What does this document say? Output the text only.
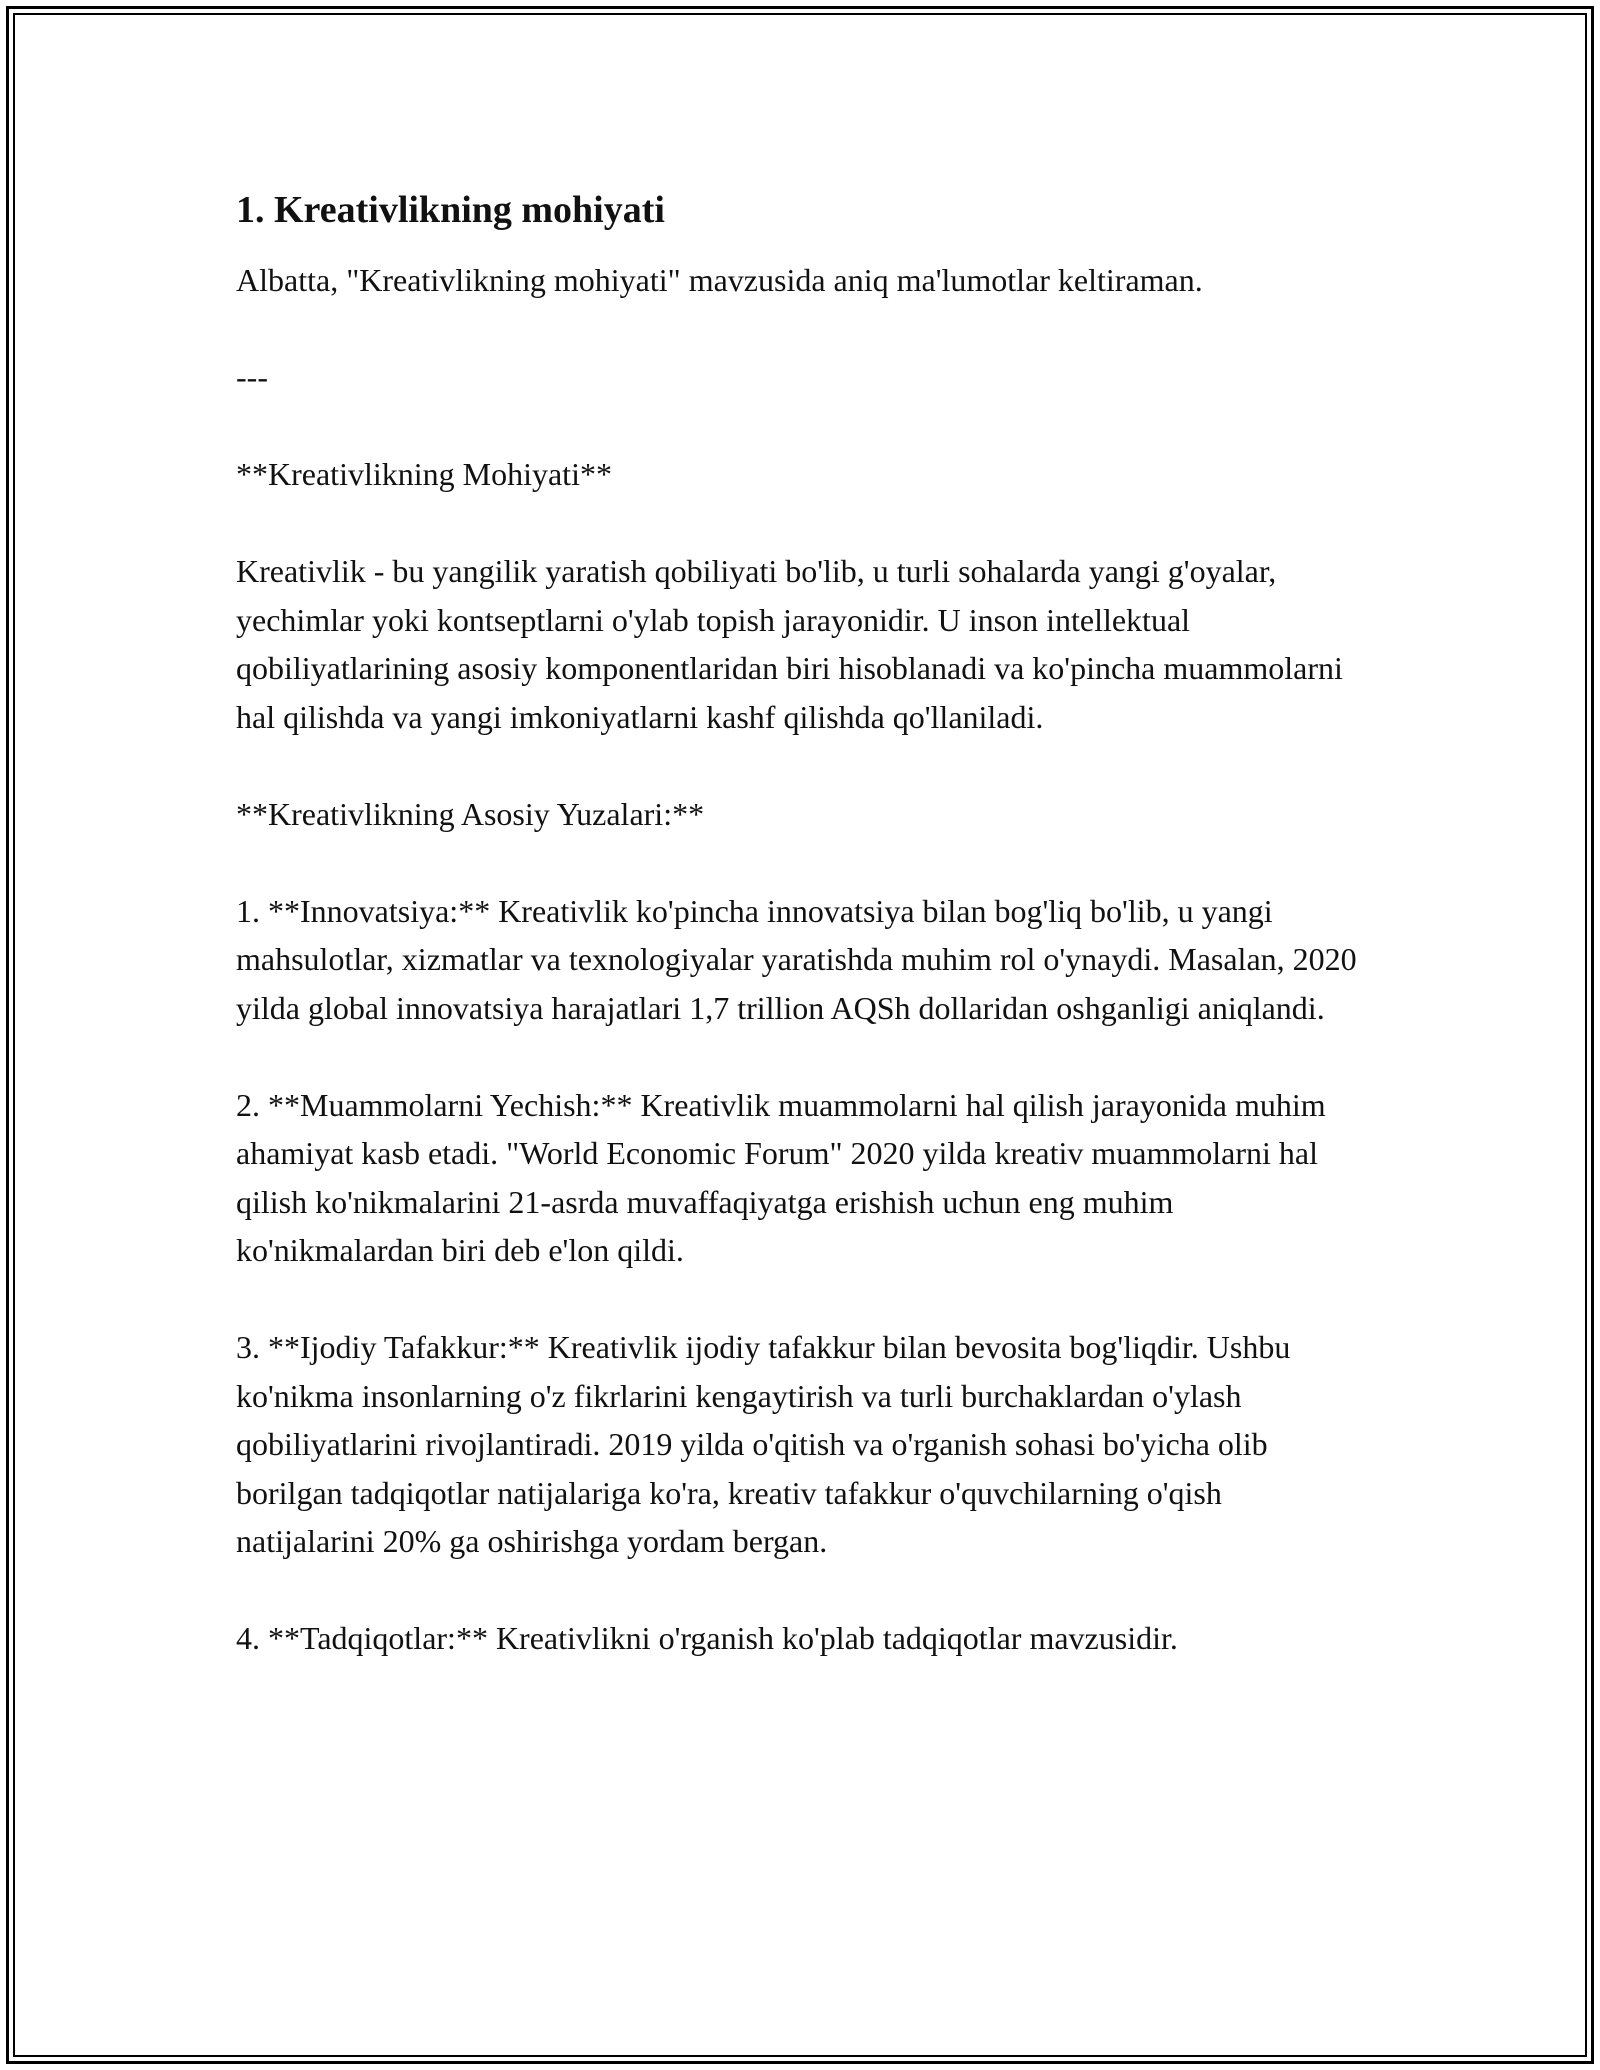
1. Kreativlikning mohiyati

Albatta, "Kreativlikning mohiyati" mavzusida aniq ma'lumotlar keltiraman.

---

**Kreativlikning Mohiyati**

Kreativlik - bu yangilik yaratish qobiliyati bo'lib, u turli sohalarda yangi g'oyalar, yechimlar yoki kontseptlarni o'ylab topish jarayonidir. U inson intellektual qobiliyatlarining asosiy komponentlaridan biri hisoblanadi va ko'pincha muammolarni hal qilishda va yangi imkoniyatlarni kashf qilishda qo'llaniladi.

**Kreativlikning Asosiy Yuzalari:**

1. **Innovatsiya:** Kreativlik ko'pincha innovatsiya bilan bog'liq bo'lib, u yangi mahsulotlar, xizmatlar va texnologiyalar yaratishda muhim rol o'ynaydi. Masalan, 2020 yilda global innovatsiya harajatlari 1,7 trillion AQSh dollaridan oshganligi aniqlandi.

2. **Muammolarni Yechish:** Kreativlik muammolarni hal qilish jarayonida muhim ahamiyat kasb etadi. "World Economic Forum" 2020 yilda kreativ muammolarni hal qilish ko'nikmalarini 21-asrda muvaffaqiyatga erishish uchun eng muhim ko'nikmalardan biri deb e'lon qildi.

3. **Ijodiy Tafakkur:** Kreativlik ijodiy tafakkur bilan bevosita bog'liqdir. Ushbu ko'nikma insonlarning o'z fikrlarini kengaytirish va turli burchaklardan o'ylash qobiliyatlarini rivojlantiradi. 2019 yilda o'qitish va o'rganish sohasi bo'yicha olib borilgan tadqiqotlar natijalariga ko'ra, kreativ tafakkur o'quvchilarning o'qish natijalarini 20% ga oshirishga yordam bergan.

4. **Tadqiqotlar:** Kreativlikni o'rganish ko'plab tadqiqotlar mavzusidir.
